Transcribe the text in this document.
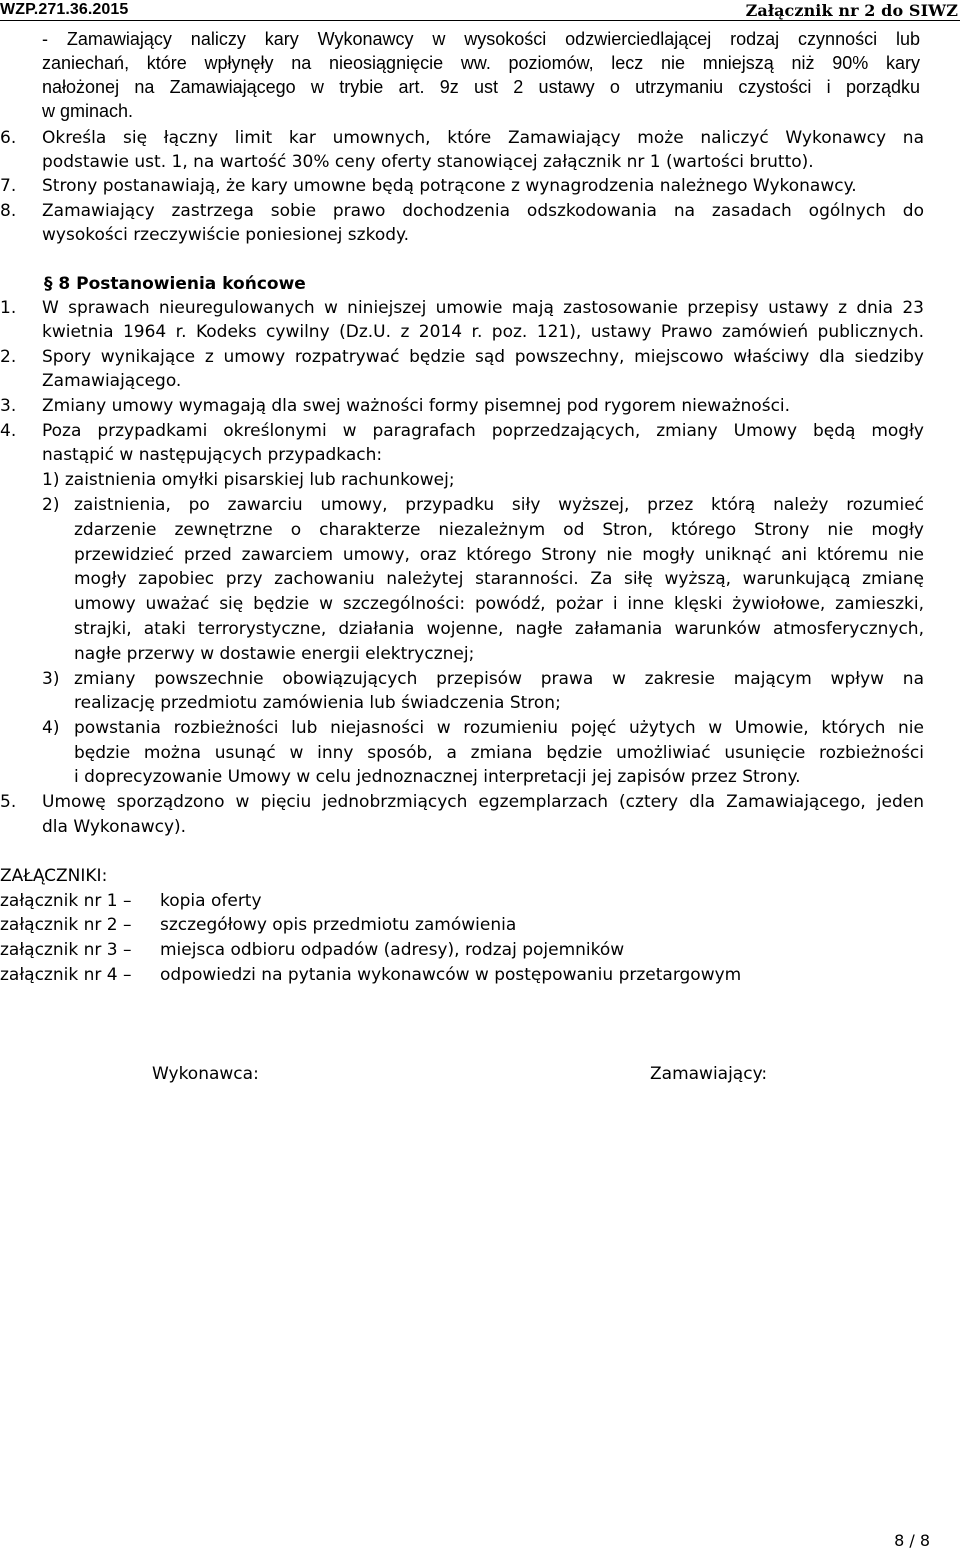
WZP.271.36.2015	Załącznik nr 2 do SIWZ
- Zamawiający naliczy kary Wykonawcy w wysokości odzwierciedlającej rodzaj czynności lub
zaniechań, które wpłynęły na nieosiągnięcie ww. poziomów, lecz nie mniejszą niż 90% kary
nałożonej na Zamawiającego w trybie art. 9z ust 2 ustawy o utrzymaniu czystości i porządku
w gminach.
6. Określa się łączny limit kar umownych, które Zamawiający może naliczyć Wykonawcy na
podstawie ust. 1, na wartość 30% ceny oferty stanowiącej załącznik nr 1 (wartości brutto).
7. Strony postanawiają, że kary umowne będą potrącone z wynagrodzenia należnego Wykonawcy.
8. Zamawiający zastrzega sobie prawo dochodzenia odszkodowania na zasadach ogólnych do
wysokości rzeczywiście poniesionej szkody.
§ 8 Postanowienia końcowe
1. W sprawach nieuregulowanych w niniejszej umowie mają zastosowanie przepisy ustawy z dnia 23
kwietnia 1964 r. Kodeks cywilny (Dz.U. z 2014 r. poz. 121), ustawy Prawo zamówień publicznych.
2. Spory wynikające z umowy rozpatrywać będzie sąd powszechny, miejscowo właściwy dla siedziby
Zamawiającego.
3. Zmiany umowy wymagają dla swej ważności formy pisemnej pod rygorem nieważności.
4. Poza przypadkami określonymi w paragrafach poprzedzających, zmiany Umowy będą mogły
nastąpić w następujących przypadkach:
1) zaistnienia omyłki pisarskiej lub rachunkowej;
2) zaistnienia, po zawarciu umowy, przypadku siły wyższej, przez którą należy rozumieć
zdarzenie zewnętrzne o charakterze niezależnym od Stron, którego Strony nie mogły
przewidzieć przed zawarciem umowy, oraz którego Strony nie mogły uniknąć ani któremu nie
mogły zapobiec przy zachowaniu należytej staranności. Za siłę wyższą, warunkującą zmianę
umowy uważać się będzie w szczególności: powódź, pożar i inne klęski żywiołowe, zamieszki,
strajki, ataki terrorystyczne, działania wojenne, nagłe załamania warunków atmosferycznych,
nagłe przerwy w dostawie energii elektrycznej;
3) zmiany powszechnie obowiązujących przepisów prawa w zakresie mającym wpływ na
realizację przedmiotu zamówienia lub świadczenia Stron;
4) powstania rozbieżności lub niejasności w rozumieniu pojęć użytych w Umowie, których nie
będzie można usunąć w inny sposób, a zmiana będzie umożliwiać usunięcie rozbieżności
i doprecyzowanie Umowy w celu jednoznacznej interpretacji jej zapisów przez Strony.
5. Umowę sporządzono w pięciu jednobrzmiących egzemplarzach (cztery dla Zamawiającego, jeden
dla Wykonawcy).
ZAŁĄCZNIKI:
załącznik nr 1 – kopia oferty
załącznik nr 2 – szczegółowy opis przedmiotu zamówienia
załącznik nr 3 – miejsca odbioru odpadów (adresy), rodzaj pojemników
załącznik nr 4 – odpowiedzi na pytania wykonawców w postępowaniu przetargowym
Wykonawca:	Zamawiający:
8 / 8
